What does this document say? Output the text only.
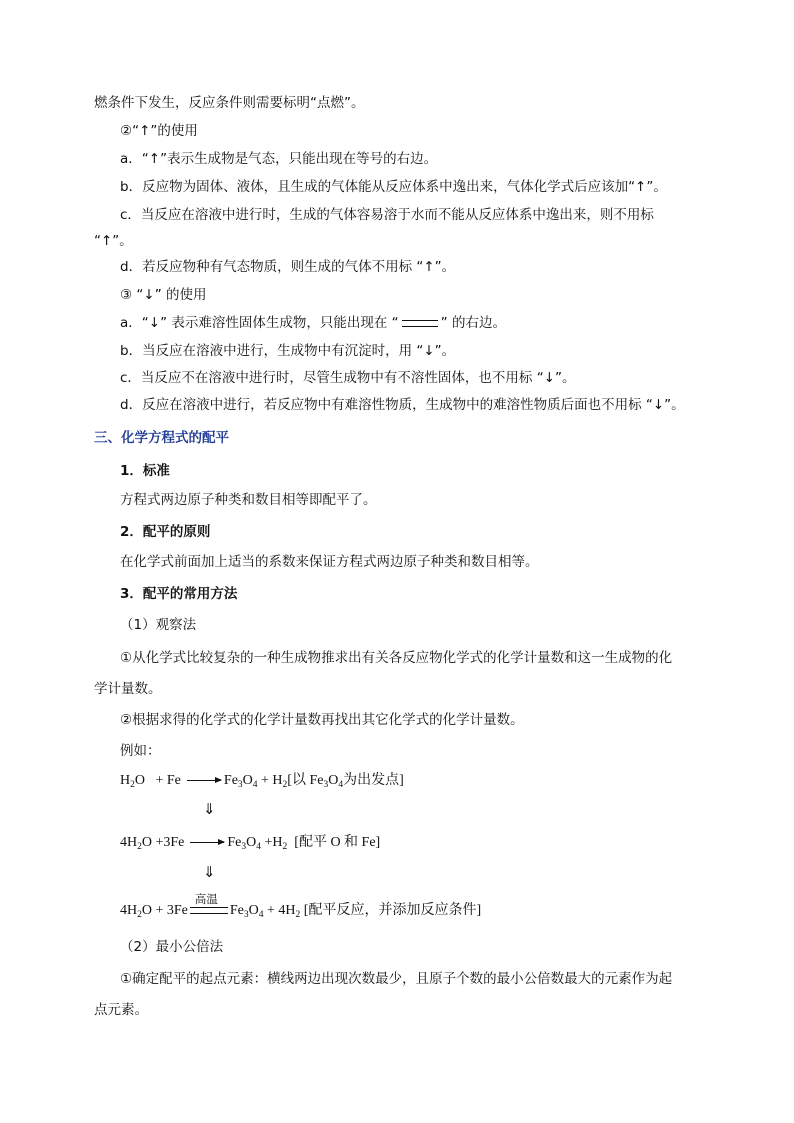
燃条件下发生，反应条件则需要标明“点燃”。
②“↑”的使用
a．“↑”表示生成物是气态，只能出现在等号的右边。
b．反应物为固体、液体，且生成的气体能从反应体系中逸出来，气体化学式后应该加“↑”。
c．当反应在溶液中进行时，生成的气体容易溶于水而不能从反应体系中逸出来，则不用标
“↑”。
d．若反应物种有气态物质，则生成的气体不用标 “↑”。
③ “↓” 的使用
a．“↓” 表示难溶性固体生成物，只能出现在 “	” 的右边。
b．当反应在溶液中进行，生成物中有沉淀时，用 “↓”。
c．当反应不在溶液中进行时，尽管生成物中有不溶性固体，也不用标 “↓”。
d．反应在溶液中进行，若反应物中有难溶性物质，生成物中的难溶性物质后面也不用标 “↓”。
三、化学方程式的配平
1．标准
方程式两边原子种类和数目相等即配平了。
2．配平的原则
在化学式前面加上适当的系数来保证方程式两边原子种类和数目相等。
3．配平的常用方法
（1）观察法
①从化学式比较复杂的一种生成物推求出有关各反应物化学式的化学计量数和这一生成物的化
学计量数。
②根据求得的化学式的化学计量数再找出其它化学式的化学计量数。
例如：
$H_2O + Fe \to Fe_3O_4 + H_2$[以 $Fe_3O_4$为出发点]
⇓
$4H_2O +3Fe \to Fe_3O_4 +H_2$ [配平 O 和 Fe]
⇓
$4H_2O + 3Fe$
高温
$Fe_3O_4 + 4H_2$ [配平反应，并添加反应条件]
（2）最小公倍法
①确定配平的起点元素：横线两边出现次数最少，且原子个数的最小公倍数最大的元素作为起
点元素。
